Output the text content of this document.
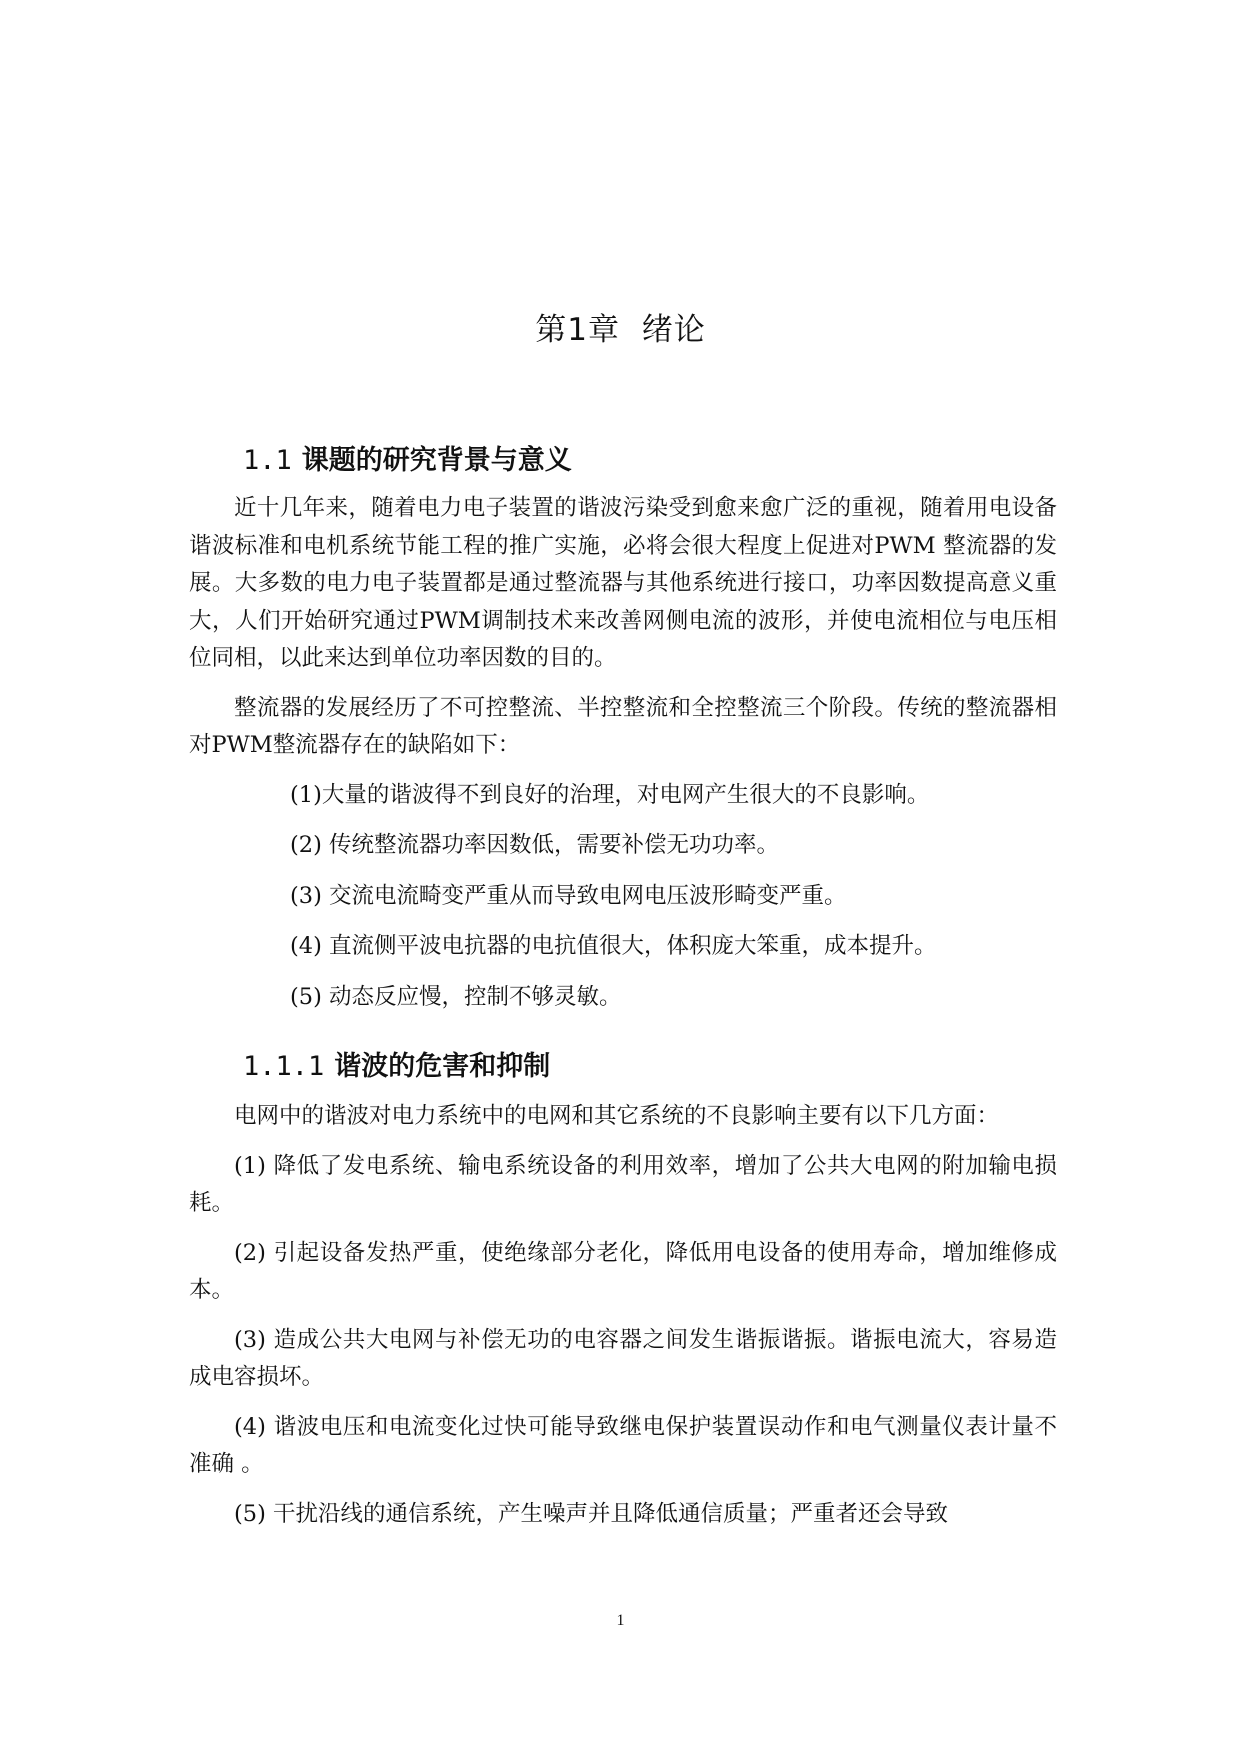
第1章  绪论
1.1 课题的研究背景与意义

近十几年来，随着电力电子装置的谐波污染受到愈来愈广泛的重视，随着用电设备谐波标准和电机系统节能工程的推广实施，必将会很大程度上促进对PWM 整流器的发展。大多数的电力电子装置都是通过整流器与其他系统进行接口，功率因数提高意义重大，人们开始研究通过PWM调制技术来改善网侧电流的波形，并使电流相位与电压相位同相，以此来达到单位功率因数的目的。

整流器的发展经历了不可控整流、半控整流和全控整流三个阶段。传统的整流器相对PWM整流器存在的缺陷如下：

(1)大量的谐波得不到良好的治理，对电网产生很大的不良影响。
(2) 传统整流器功率因数低，需要补偿无功功率。
(3) 交流电流畸变严重从而导致电网电压波形畸变严重。
(4) 直流侧平波电抗器的电抗值很大，体积庞大笨重，成本提升。
(5) 动态反应慢，控制不够灵敏。
1.1.1 谐波的危害和抑制

电网中的谐波对电力系统中的电网和其它系统的不良影响主要有以下几方面：

(1) 降低了发电系统、输电系统设备的利用效率，增加了公共大电网的附加输电损耗。

(2) 引起设备发热严重，使绝缘部分老化，降低用电设备的使用寿命，增加维修成本。

(3) 造成公共大电网与补偿无功的电容器之间发生谐振谐振。谐振电流大，容易造成电容损坏。

(4) 谐波电压和电流变化过快可能导致继电保护装置误动作和电气测量仪表计量不准确 。

(5) 干扰沿线的通信系统，产生噪声并且降低通信质量；严重者还会导致

1
